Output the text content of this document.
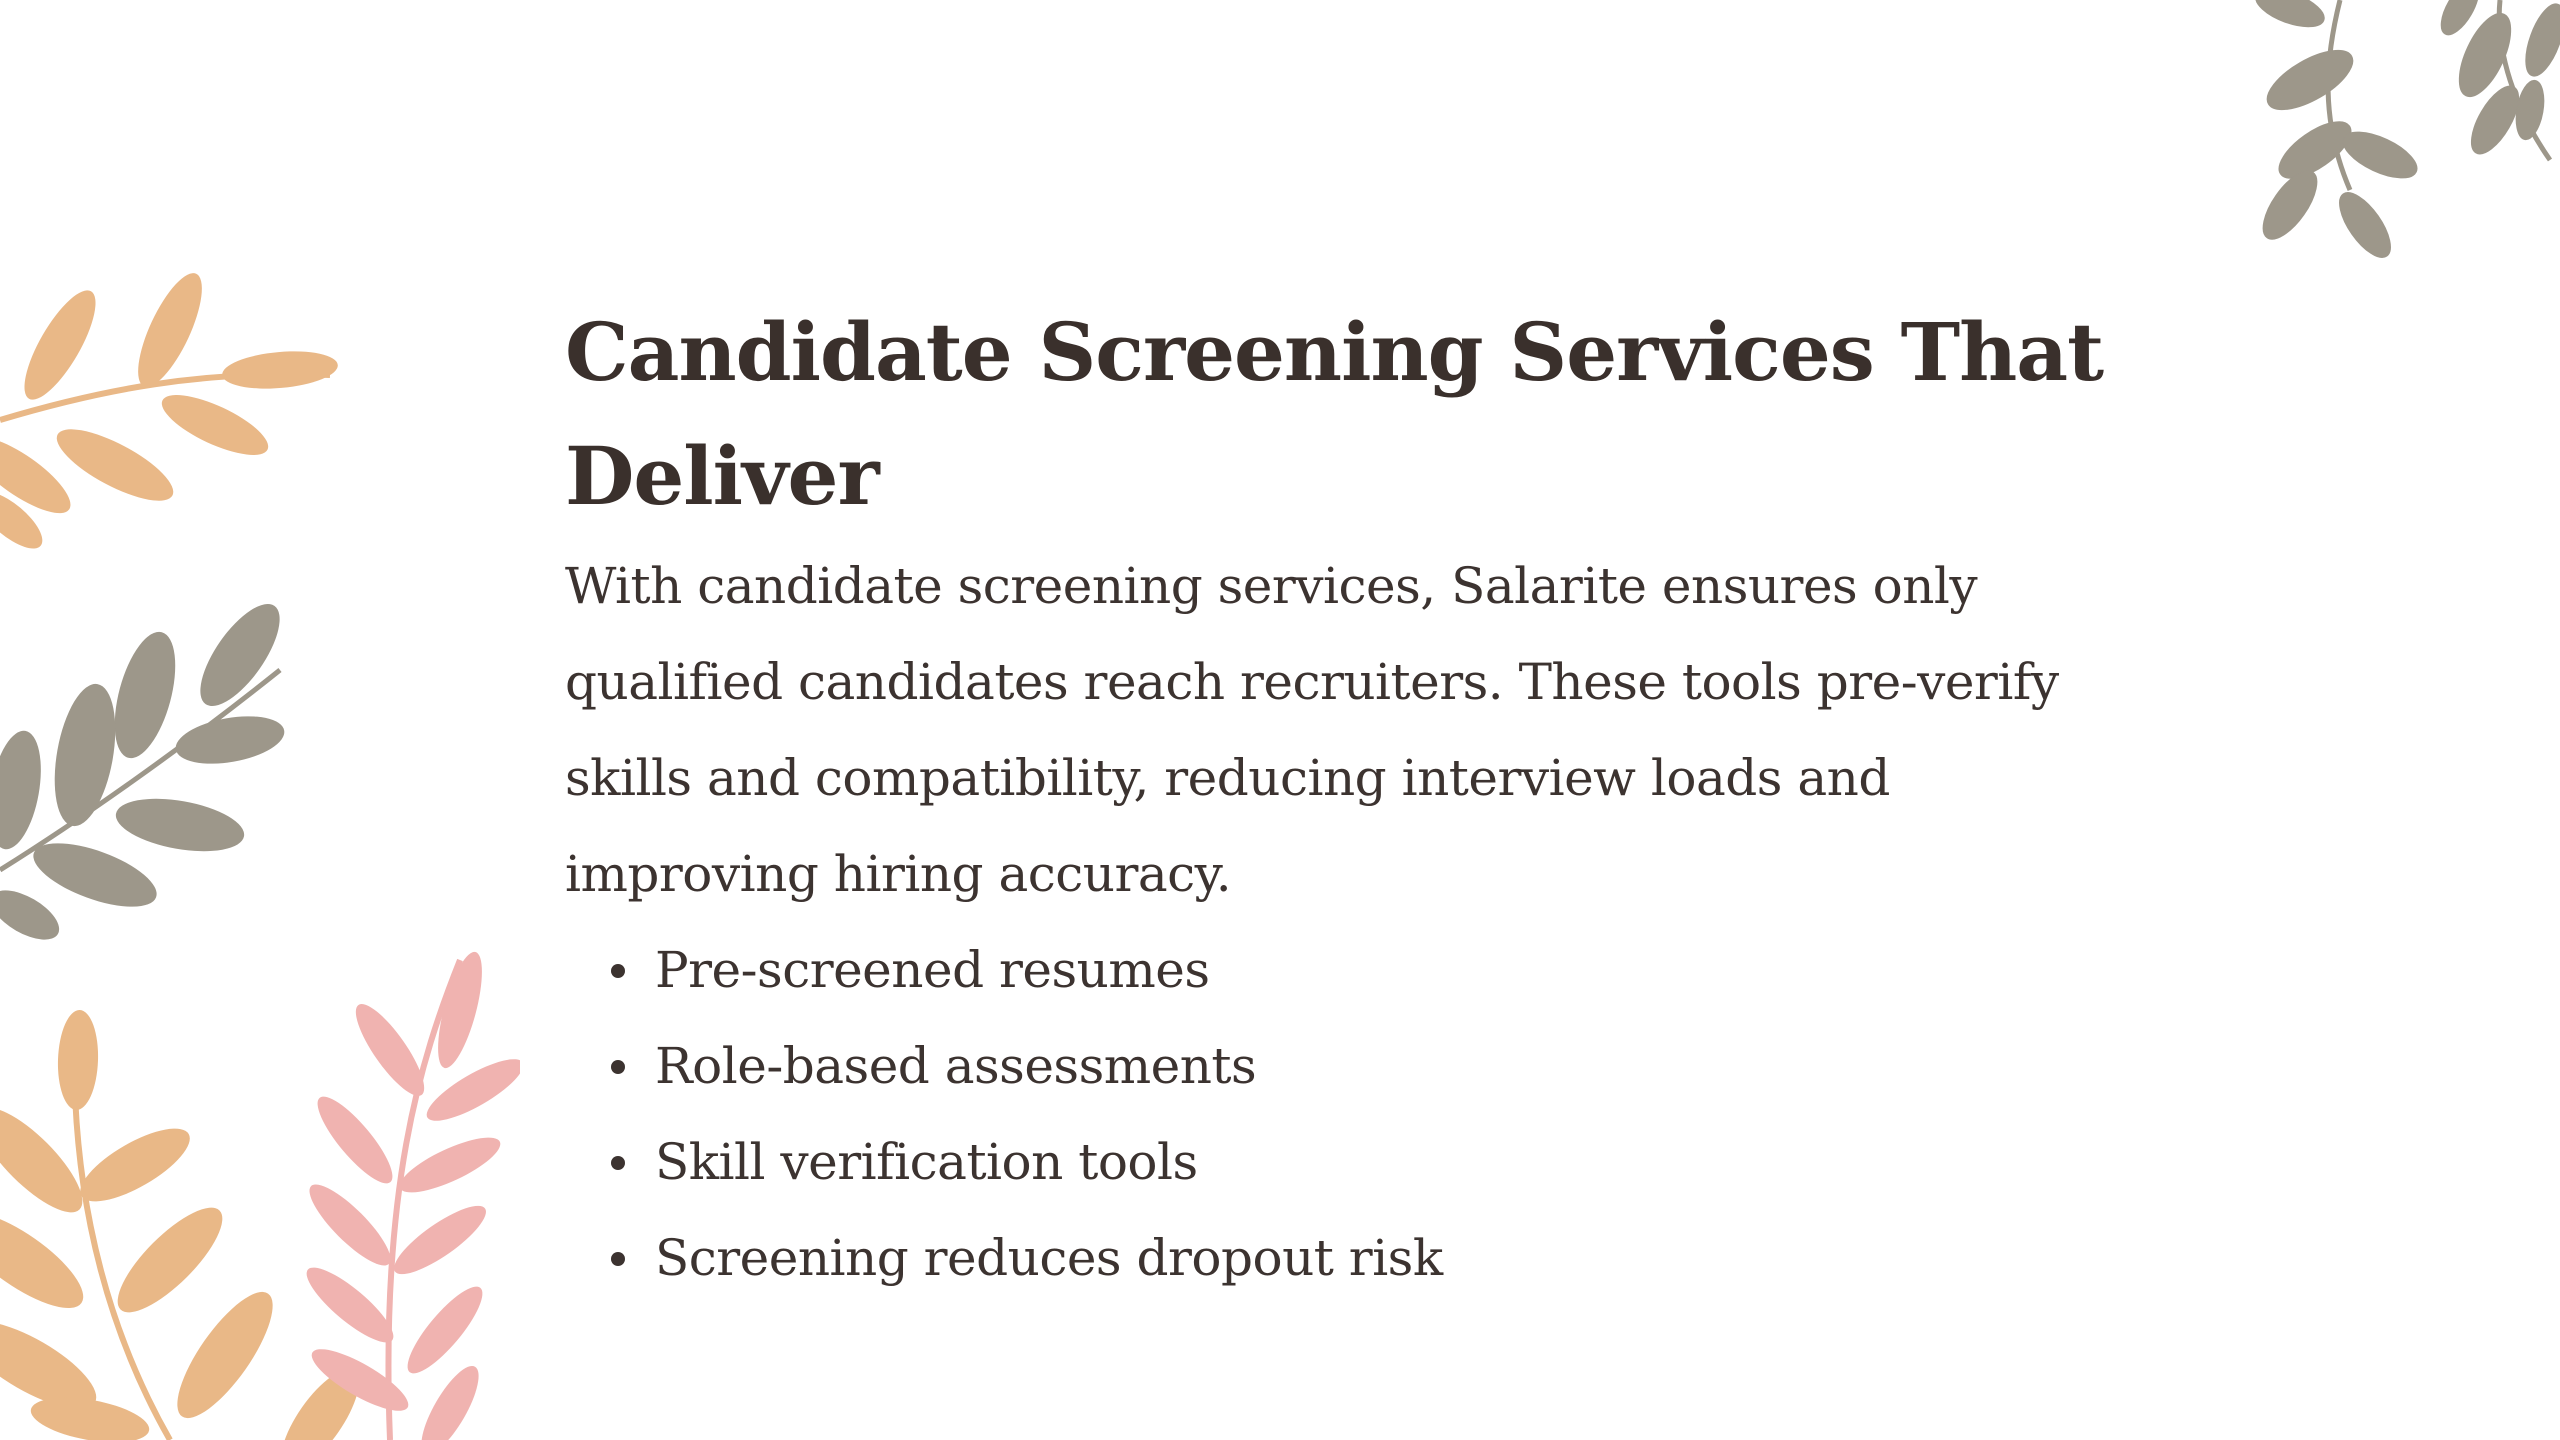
Candidate Screening Services That Deliver

With candidate screening services, Salarite ensures only qualified candidates reach recruiters. These tools pre-verify skills and compatibility, reducing interview loads and improving hiring accuracy.

Pre-screened resumes
Role-based assessments
Skill verification tools
Screening reduces dropout risk
